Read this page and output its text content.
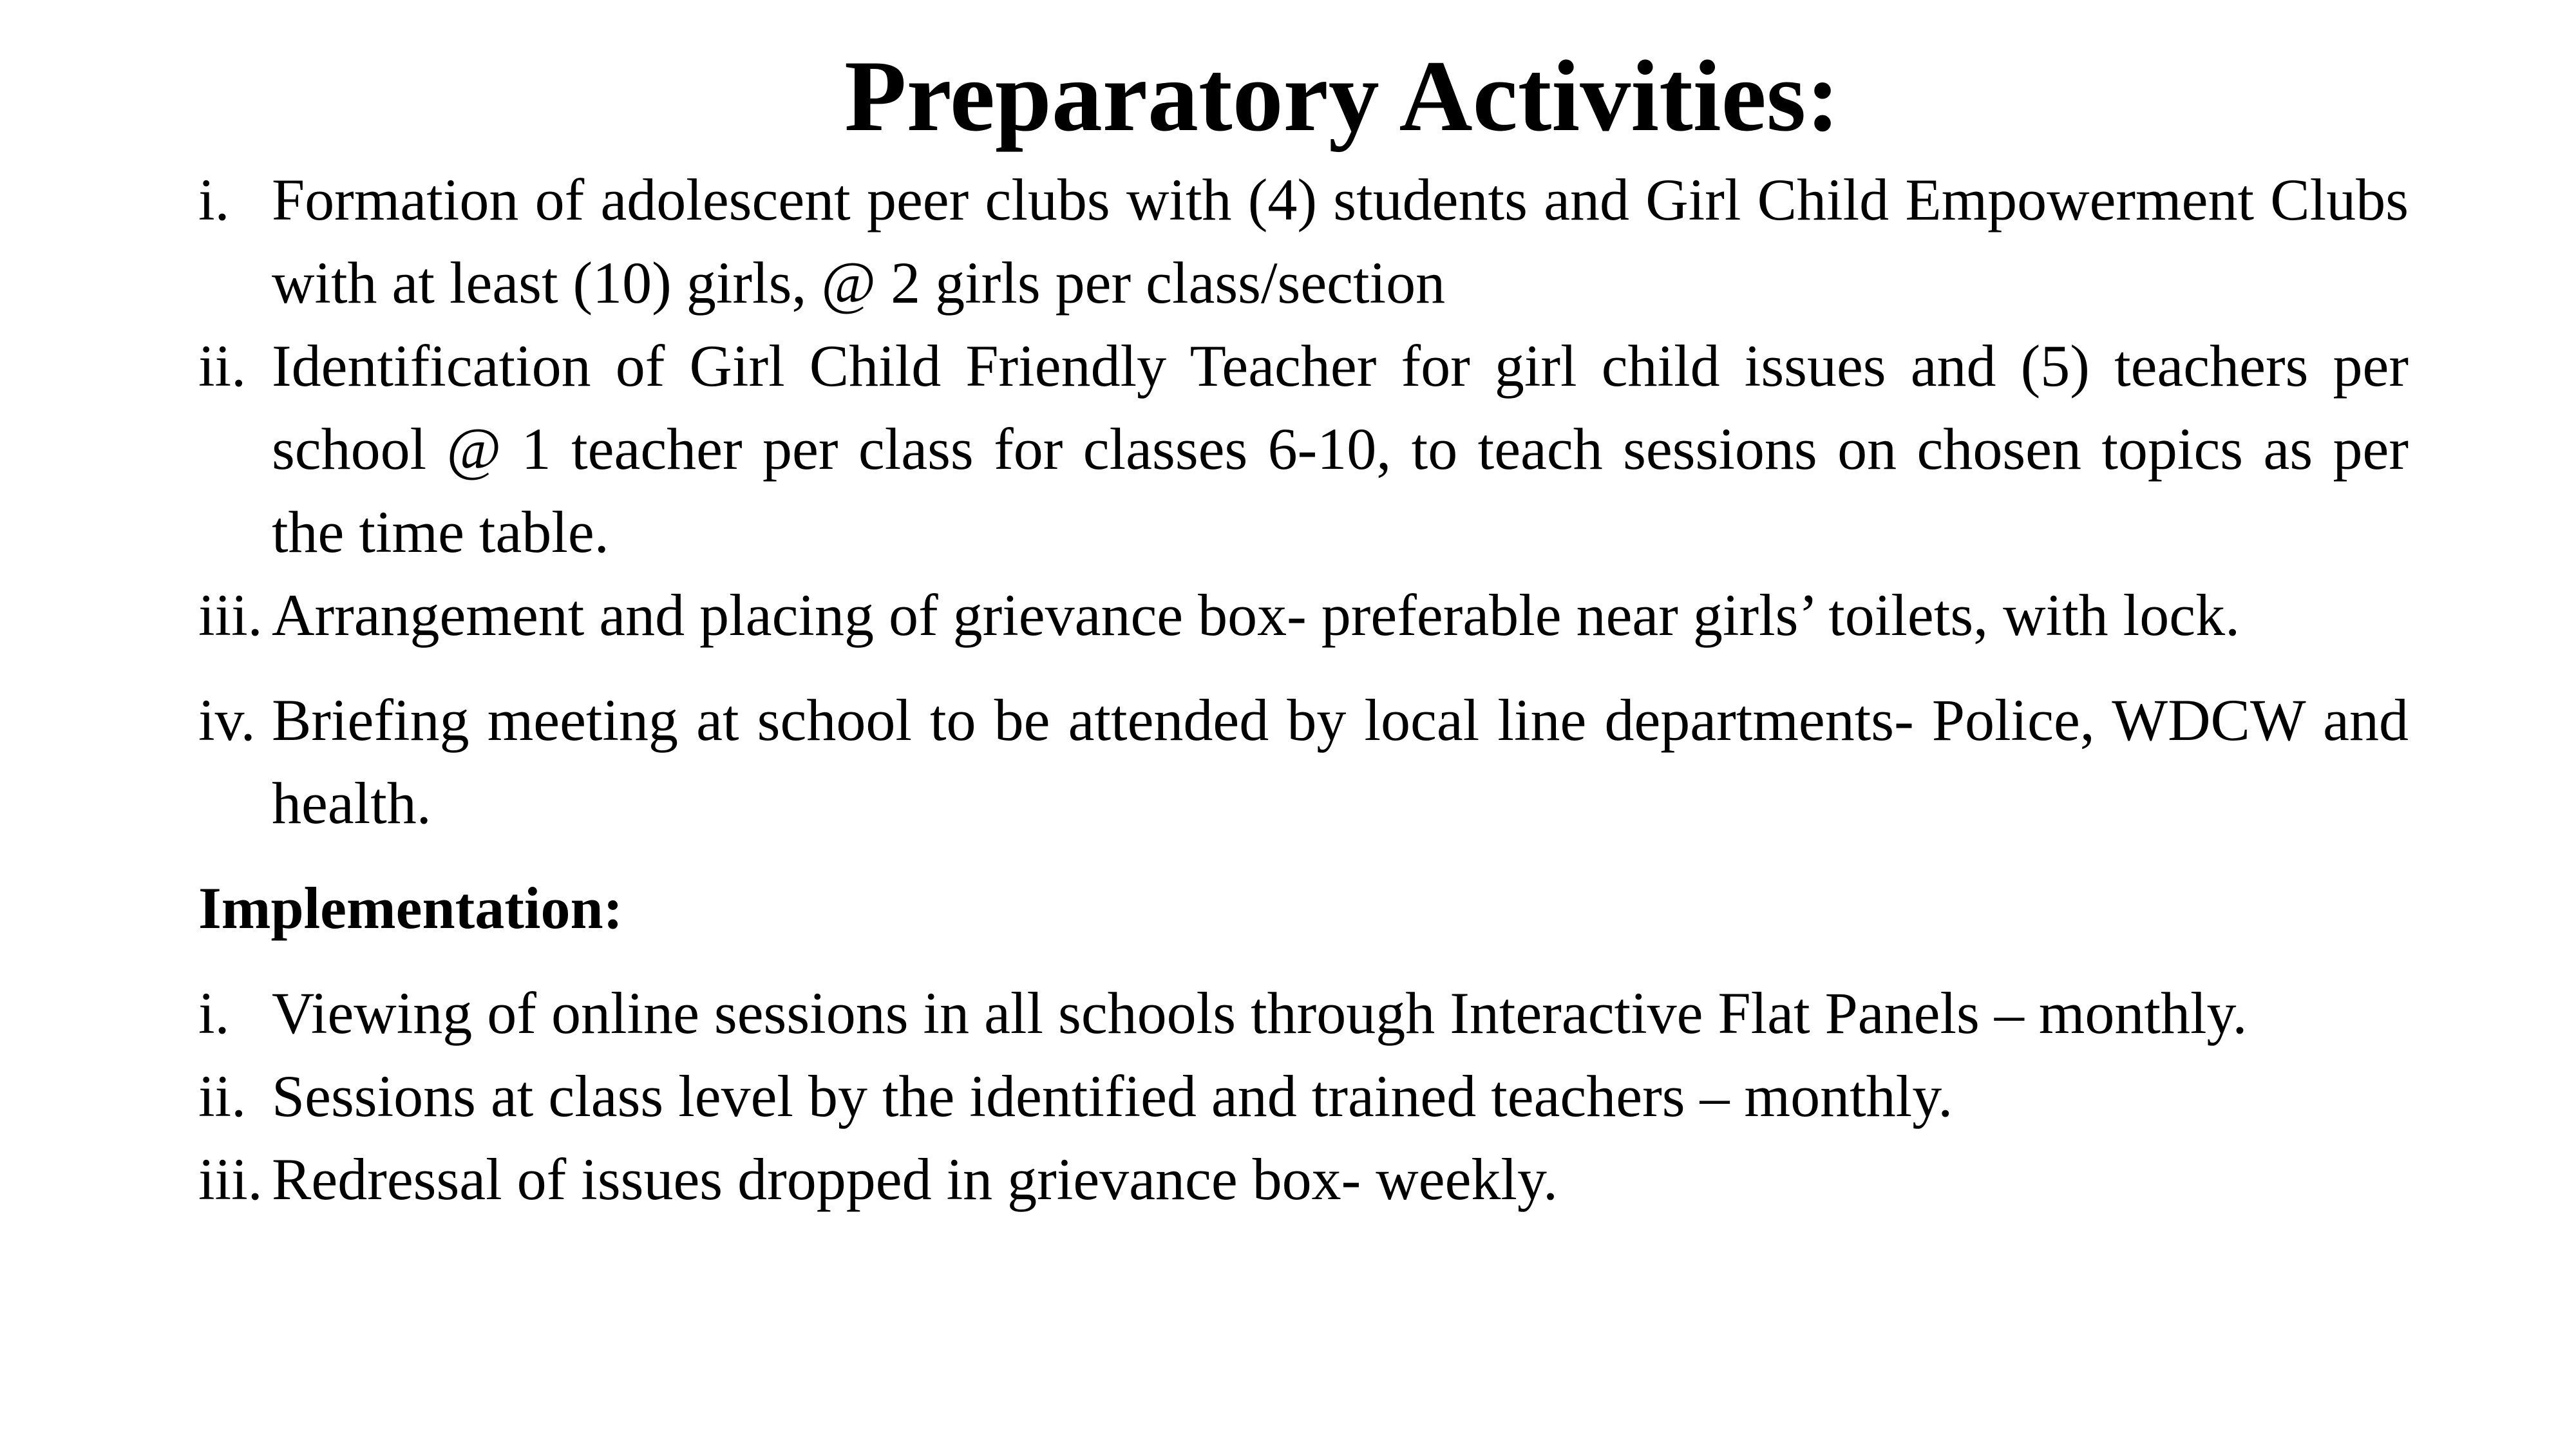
Preparatory Activities:
i. Formation of adolescent peer clubs with (4) students and Girl Child Empowerment Clubs with at least (10) girls, @ 2 girls per class/section
ii. Identification of Girl Child Friendly Teacher for girl child issues and (5) teachers per school @ 1 teacher per class for classes 6-10, to teach sessions on chosen topics as per the time table.
iii. Arrangement and placing of grievance box- preferable near girls’ toilets, with lock.
iv. Briefing meeting at school to be attended by local line departments- Police, WDCW and health.
Implementation:
i. Viewing of online sessions in all schools through Interactive Flat Panels – monthly.
ii. Sessions at class level by the identified and trained teachers – monthly.
iii. Redressal of issues dropped in grievance box- weekly.
